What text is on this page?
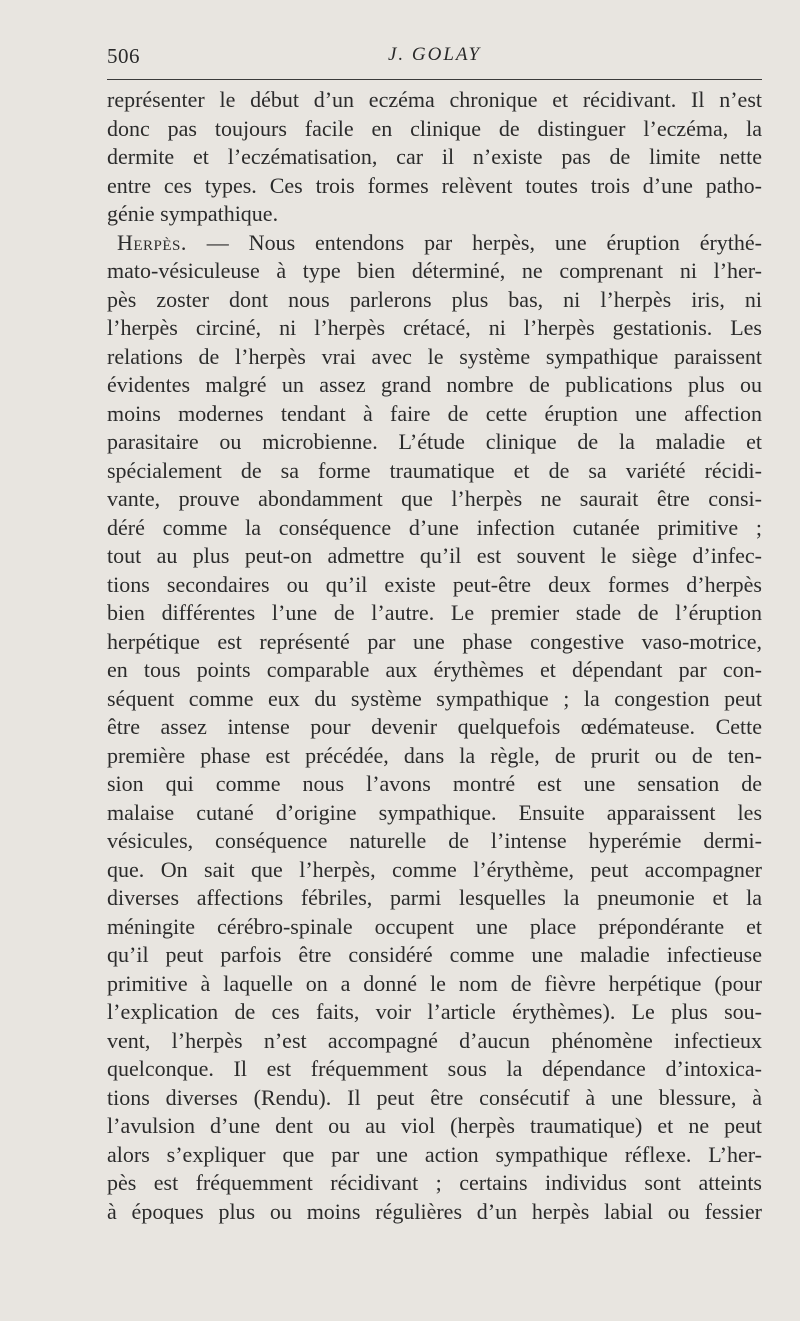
506	J. GOLAY
représenter le début d’un eczéma chronique et récidivant. Il n’est
donc pas toujours facile en clinique de distinguer l’eczéma, la
dermite et l’eczématisation, car il n’existe pas de limite nette
entre ces types. Ces trois formes relèvent toutes trois d’une patho-
génie sympathique.
Herpès. — Nous entendons par herpès, une éruption érythé-
mato-vésiculeuse à type bien déterminé, ne comprenant ni l’her-
pès zoster dont nous parlerons plus bas, ni l’herpès iris, ni
l’herpès circiné, ni l’herpès crétacé, ni l’herpès gestationis. Les
relations de l’herpès vrai avec le système sympathique paraissent
évidentes malgré un assez grand nombre de publications plus ou
moins modernes tendant à faire de cette éruption une affection
parasitaire ou microbienne. L’étude clinique de la maladie et
spécialement de sa forme traumatique et de sa variété récidi-
vante, prouve abondamment que l’herpès ne saurait être consi-
déré comme la conséquence d’une infection cutanée primitive ;
tout au plus peut-on admettre qu’il est souvent le siège d’infec-
tions secondaires ou qu’il existe peut-être deux formes d’herpès
bien différentes l’une de l’autre. Le premier stade de l’éruption
herpétique est représenté par une phase congestive vaso-motrice,
en tous points comparable aux érythèmes et dépendant par con-
séquent comme eux du système sympathique ; la congestion peut
être assez intense pour devenir quelquefois œdémateuse. Cette
première phase est précédée, dans la règle, de prurit ou de ten-
sion qui comme nous l’avons montré est une sensation de
malaise cutané d’origine sympathique. Ensuite apparaissent les
vésicules, conséquence naturelle de l’intense hyperémie dermi-
que. On sait que l’herpès, comme l’érythème, peut accompagner
diverses affections fébriles, parmi lesquelles la pneumonie et la
méningite cérébro-spinale occupent une place prépondérante et
qu’il peut parfois être considéré comme une maladie infectieuse
primitive à laquelle on a donné le nom de fièvre herpétique (pour
l’explication de ces faits, voir l’article érythèmes). Le plus sou-
vent, l’herpès n’est accompagné d’aucun phénomène infectieux
quelconque. Il est fréquemment sous la dépendance d’intoxica-
tions diverses (Rendu). Il peut être consécutif à une blessure, à
l’avulsion d’une dent ou au viol (herpès traumatique) et ne peut
alors s’expliquer que par une action sympathique réflexe. L’her-
pès est fréquemment récidivant ; certains individus sont atteints
à époques plus ou moins régulières d’un herpès labial ou fessier
